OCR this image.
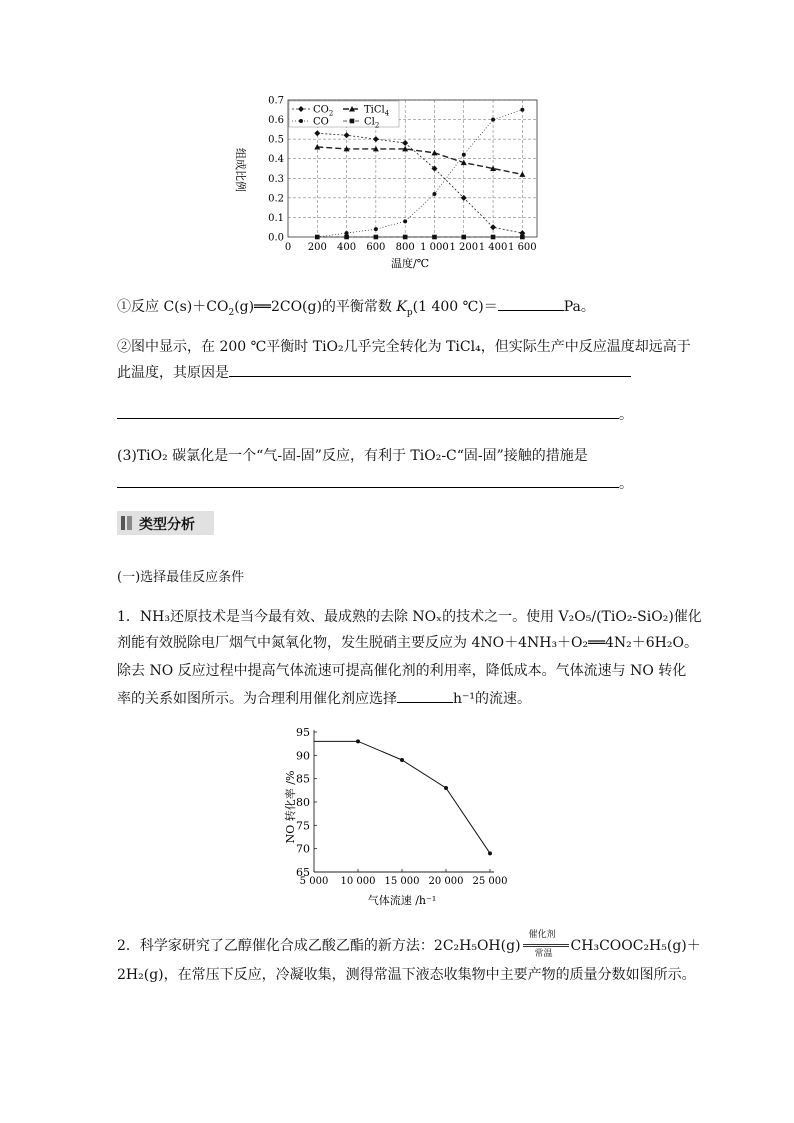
0 200 400 600 800 1 000 1 200 1 400 1 600
0.0
0.1
0.2
0.3
0.4
0.5
0.6
0.7
$CO_2$	TiCl$_4$
CO	$Cl_2$
组成比例
温度/℃
①反应 $C(s)+CO_2(g)══2CO(g)$的平衡常数 $K_p(1$ 400 ℃)＝	Pa。
②图中显示，在 200 ℃平衡时 TiO₂几乎完全转化为 TiCl₄，但实际生产中反应温度却远高于
此温度，其原因是
。
(3)TiO₂ 碳氯化是一个“气-固-固”反应，有利于 TiO₂-C“固-固”接触的措施是
。
类型分析
(一)选择最佳反应条件
1．NH₃还原技术是当今最有效、最成熟的去除 NOₓ的技术之一。使用 V₂O₅/(TiO₂-SiO₂)催化
剂能有效脱除电厂烟气中氮氧化物，发生脱硝主要反应为 4NO＋4NH₃＋O₂══4N₂＋6H₂O。
除去 NO 反应过程中提高气体流速可提高催化剂的利用率，降低成本。气体流速与 NO 转化
率的关系如图所示。为合理利用催化剂应选择	h⁻¹的流速。
65
70
75
80
85
90
95
5 000 10 000 15 000 20 000 25 000
NO 转化率 /%
气体流速 /h⁻¹
2．科学家研究了乙醇催化合成乙酸乙酯的新方法：2C₂H₅OH(g)
催化剂
常温 CH₃COOC₂H₅(g)＋
2H₂(g)，在常压下反应，冷凝收集，测得常温下液态收集物中主要产物的质量分数如图所示。
